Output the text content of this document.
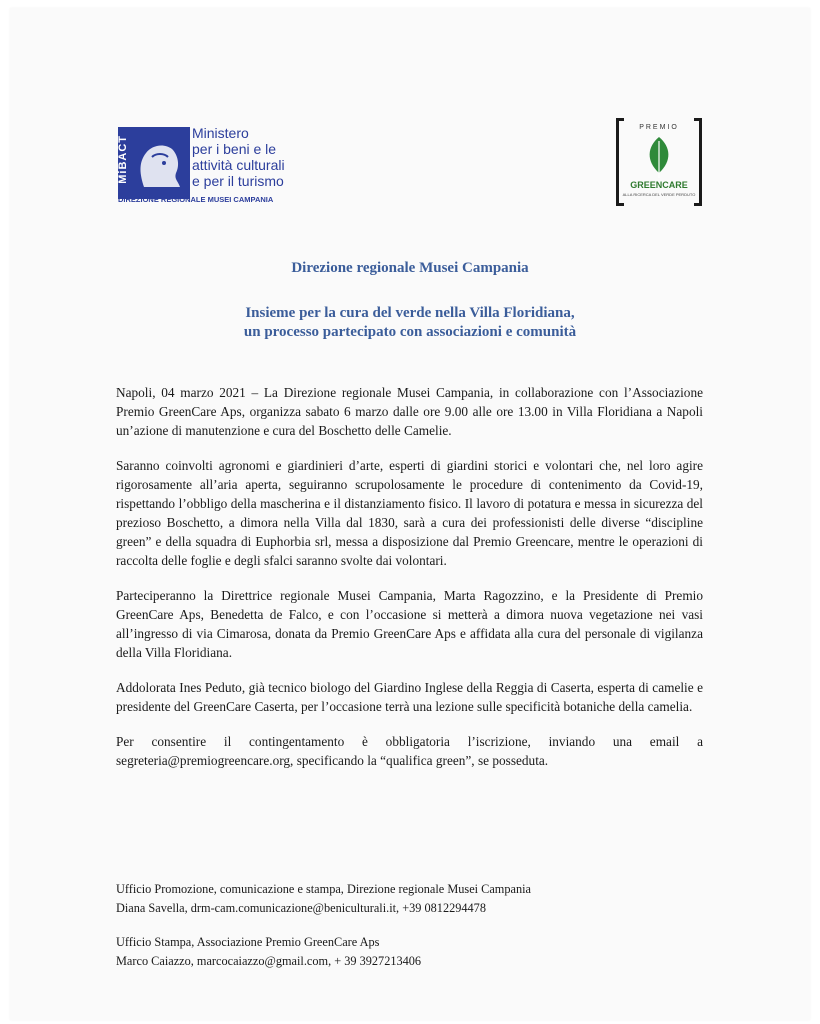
MiBACT
Ministero
per i beni e le
attività culturali
e per il turismo
DIREZIONE REGIONALE MUSEI CAMPANIA
PREMIO
GREENCARE
ALLA RICERCA DEL VERDE PERDUTO
Direzione regionale Musei Campania
Insieme per la cura del verde nella Villa Floridiana,
un processo partecipato con associazioni e comunità

Napoli, 04 marzo 2021 – La Direzione regionale Musei Campania, in collaborazione con l’Associazione Premio GreenCare Aps, organizza sabato 6 marzo dalle ore 9.00 alle ore 13.00 in Villa Floridiana a Napoli un’azione di manutenzione e cura del Boschetto delle Camelie.

Saranno coinvolti agronomi e giardinieri d’arte, esperti di giardini storici e volontari che, nel loro agire rigorosamente all’aria aperta, seguiranno scrupolosamente le procedure di contenimento da Covid-19, rispettando l’obbligo della mascherina e il distanziamento fisico. Il lavoro di potatura e messa in sicurezza del prezioso Boschetto, a dimora nella Villa dal 1830, sarà a cura dei professionisti delle diverse “discipline green” e della squadra di Euphorbia srl, messa a disposizione dal Premio Greencare, mentre le operazioni di raccolta delle foglie e degli sfalci saranno svolte dai volontari.

Parteciperanno la Direttrice regionale Musei Campania, Marta Ragozzino, e la Presidente di Premio GreenCare Aps, Benedetta de Falco, e con l’occasione si metterà a dimora nuova vegetazione nei vasi all’ingresso di via Cimarosa, donata da Premio GreenCare Aps e affidata alla cura del personale di vigilanza della Villa Floridiana.

Addolorata Ines Peduto, già tecnico biologo del Giardino Inglese della Reggia di Caserta, esperta di camelie e presidente del GreenCare Caserta, per l’occasione terrà una lezione sulle specificità botaniche della camelia.

Per consentire il contingentamento è obbligatoria l’iscrizione, inviando una email a segreteria@premiogreencare.org, specificando la “qualifica green”, se posseduta.

Ufficio Promozione, comunicazione e stampa, Direzione regionale Musei Campania
Diana Savella, drm-cam.comunicazione@beniculturali.it, +39 0812294478

Ufficio Stampa, Associazione Premio GreenCare Aps
Marco Caiazzo, marcocaiazzo@gmail.com, + 39 3927213406
